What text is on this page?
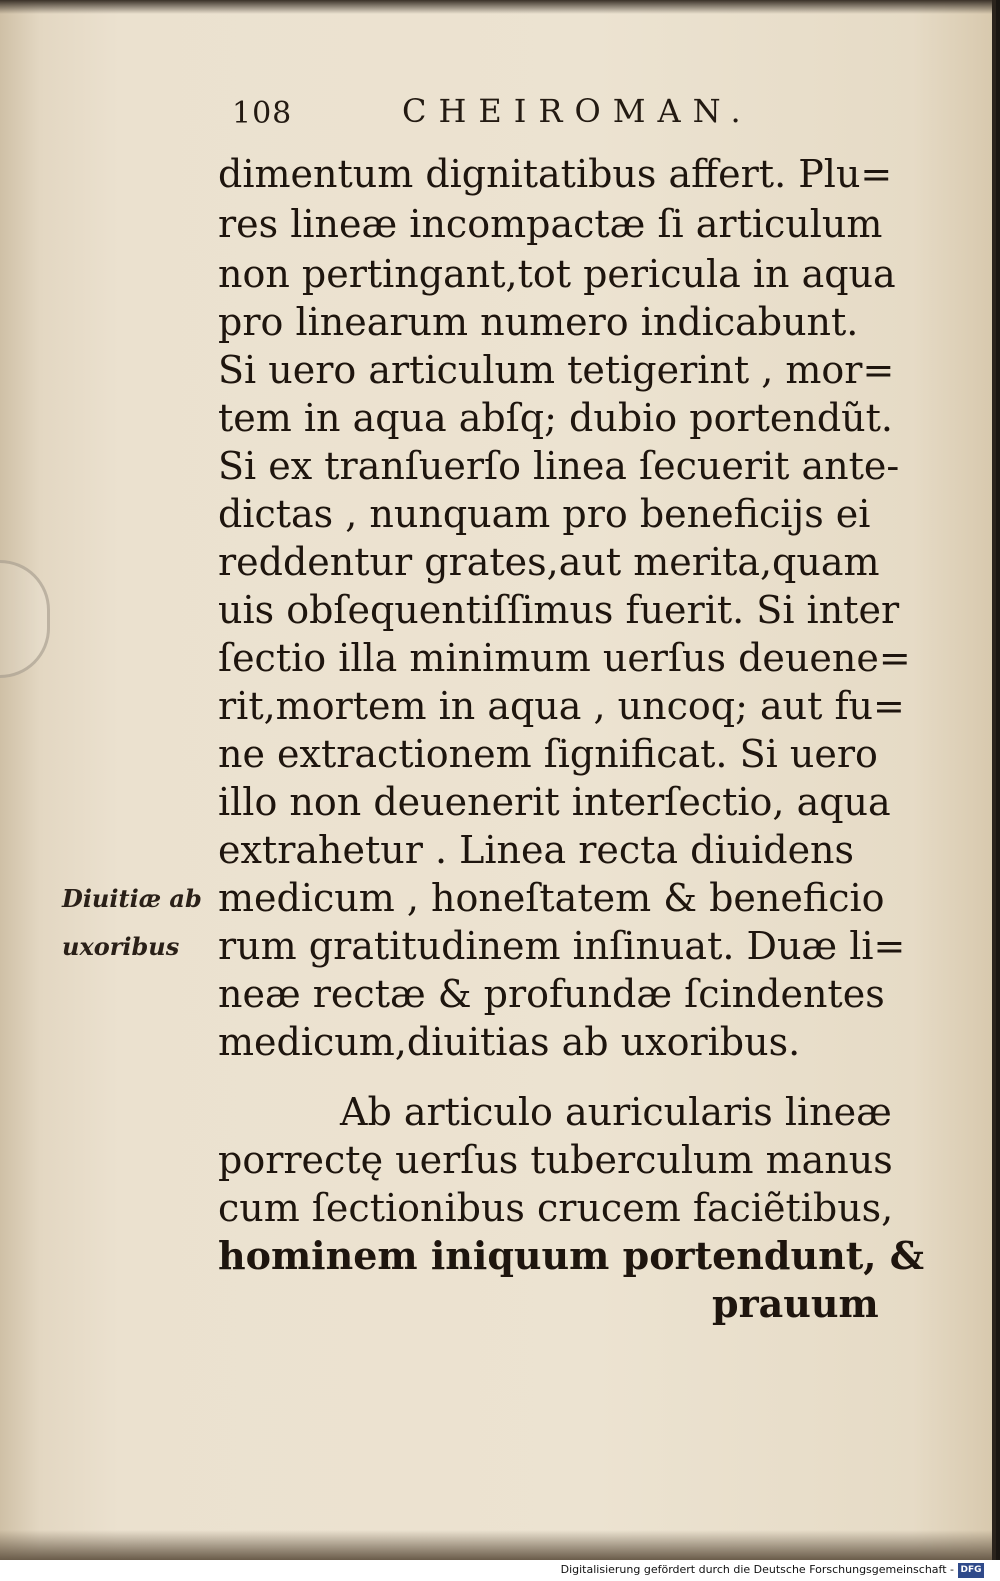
108	CHEIROMAN.
dimentum dignitatibus affert. Plu=
res lineæ incompactæ ſi articulum
non pertingant,tot pericula in aqua
pro linearum numero indicabunt.
Si uero articulum tetigerint , mor=
tem in aqua abſq; dubio portendũt.
Si ex tranſuerſo linea ſecuerit ante-
dictas , nunquam pro beneficijs ei
reddentur grates,aut merita,quam
uis obſequentiſſimus fuerit. Si inter
ſectio illa minimum uerſus deuene=
rit,mortem in aqua , uncoq; aut fu=
ne extractionem ſignificat. Si uero
illo non deuenerit interſectio, aqua
extrahetur . Linea recta diuidens
medicum , honeſtatem & beneficio
rum gratitudinem inſinuat. Duæ li=
neæ rectæ & profundæ ſcindentes
medicum,diuitias ab uxoribus.
Diuitiæ ab
uxoribus
Ab articulo auricularis lineæ
porrectę uerſus tuberculum manus
cum ſectionibus crucem faciẽtibus,
hominem iniquum portendunt, &
prauum
Digitalisierung gefördert durch die Deutsche Forschungsgemeinschaft - DFG
